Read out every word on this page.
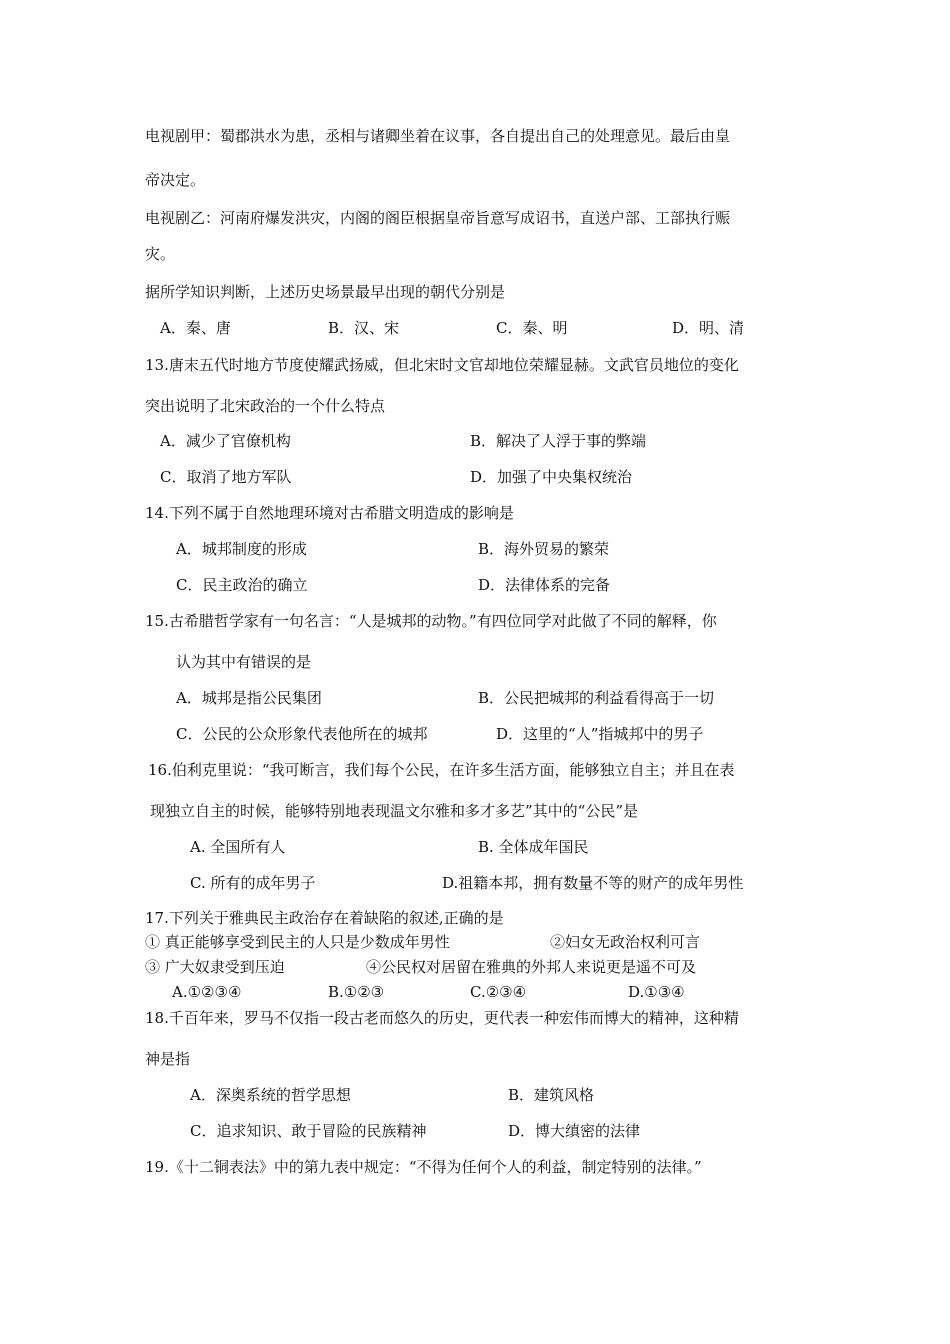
电视剧甲：蜀郡洪水为患，丞相与诸卿坐着在议事，各自提出自己的处理意见。最后由皇
帝决定。
电视剧乙：河南府爆发洪灾，内阁的阁臣根据皇帝旨意写成诏书，直送户部、工部执行赈
灾。
据所学知识判断，上述历史场景最早出现的朝代分别是
A．秦、唐	B．汉、宋	C．秦、明	D．明、清
13.唐末五代时地方节度使耀武扬威，但北宋时文官却地位荣耀显赫。文武官员地位的变化
突出说明了北宋政治的一个什么特点
A．减少了官僚机构	B．解决了人浮于事的弊端
C．取消了地方军队	D．加强了中央集权统治
14.下列不属于自然地理环境对古希腊文明造成的影响是
A．城邦制度的形成	B．海外贸易的繁荣
C．民主政治的确立	D．法律体系的完备
15.古希腊哲学家有一句名言：“人是城邦的动物。”有四位同学对此做了不同的解释，你
认为其中有错误的是
A．城邦是指公民集团	B．公民把城邦的利益看得高于一切
C．公民的公众形象代表他所在的城邦	D．这里的“人”指城邦中的男子
16.伯利克里说：“我可断言，我们每个公民，在许多生活方面，能够独立自主；并且在表
现独立自主的时候，能够特别地表现温文尔雅和多才多艺”其中的“公民”是
A. 全国所有人	B. 全体成年国民
C. 所有的成年男子	D.祖籍本邦，拥有数量不等的财产的成年男性
17.下列关于雅典民主政治存在着缺陷的叙述,正确的是
① 真正能够享受到民主的人只是少数成年男性	②妇女无政治权利可言
③ 广大奴隶受到压迫	④公民权对居留在雅典的外邦人来说更是遥不可及
A.①②③④	B.①②③	C.②③④	D.①③④
18.千百年来，罗马不仅指一段古老而悠久的历史，更代表一种宏伟而博大的精神，这种精
神是指
A．深奥系统的哲学思想	B．建筑风格
C．追求知识、敢于冒险的民族精神	D．博大缜密的法律
19.《十二铜表法》中的第九表中规定：“不得为任何个人的利益，制定特别的法律。”
